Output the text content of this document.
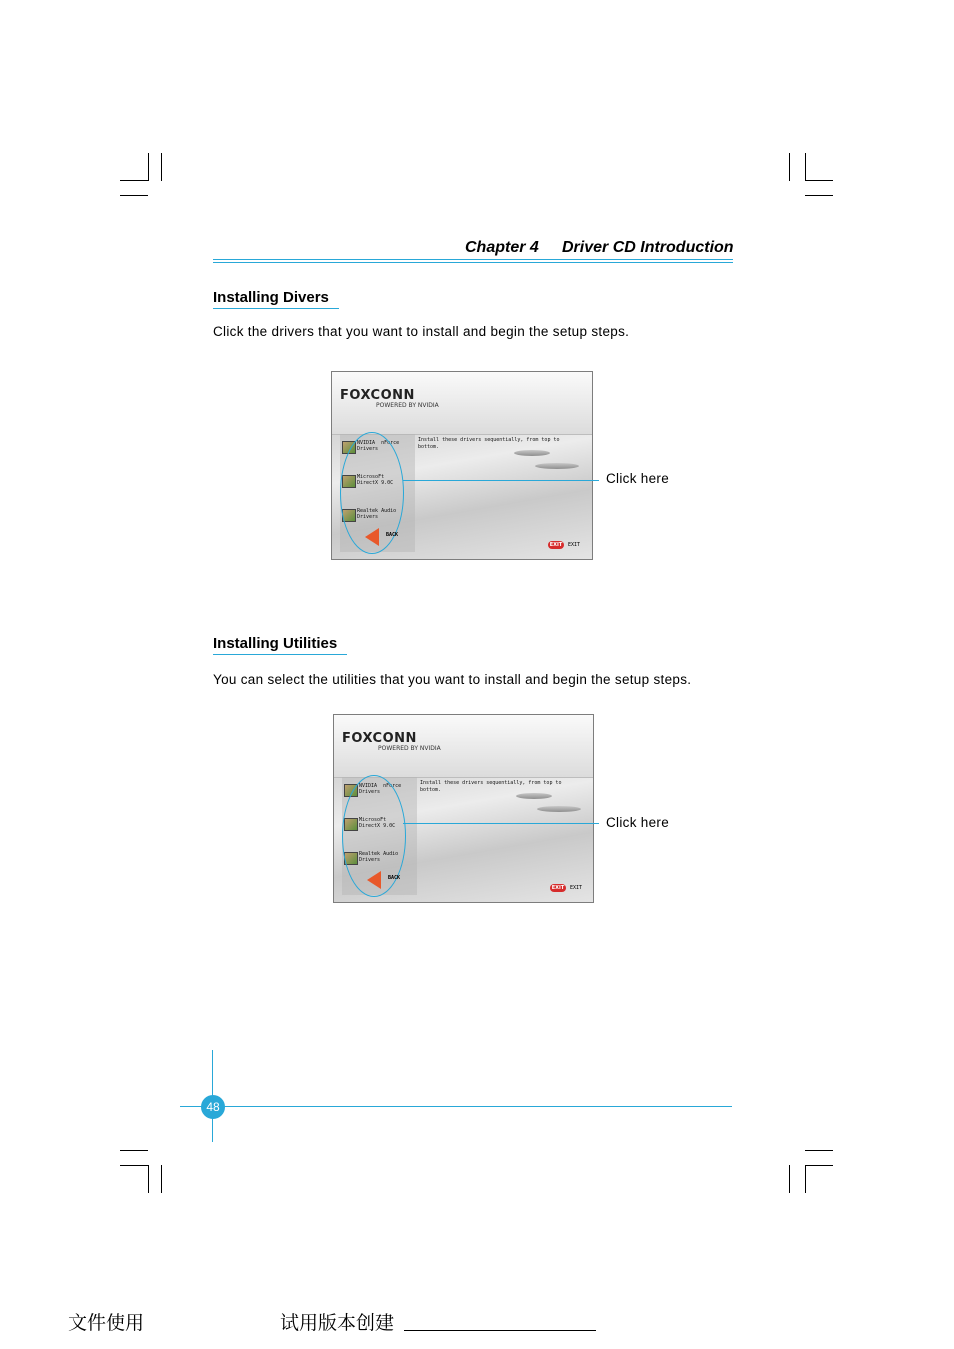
Chapter 4 Driver CD Introduction
Installing Divers
Click the drivers that you want to install and begin the setup steps.
FOXCONN
POWERED BY NVIDIA
NVIDIA  nForce
Drivers
MicrosoFt
DirectX 9.0C
Realtek Audio
Drivers
Install these drivers sequentially, from top to
bottom.
BACK
EXIT	EXIT
Click here
Installing Utilities
You can select the utilities that you want to install and begin the setup steps.
FOXCONN
POWERED BY NVIDIA
NVIDIA  nForce
Drivers
MicrosoFt
DirectX 9.0C
Realtek Audio
Drivers
Install these drivers sequentially, from top to
bottom.
BACK
EXIT	EXIT
Click here
48
文件使用	试用版本创建
